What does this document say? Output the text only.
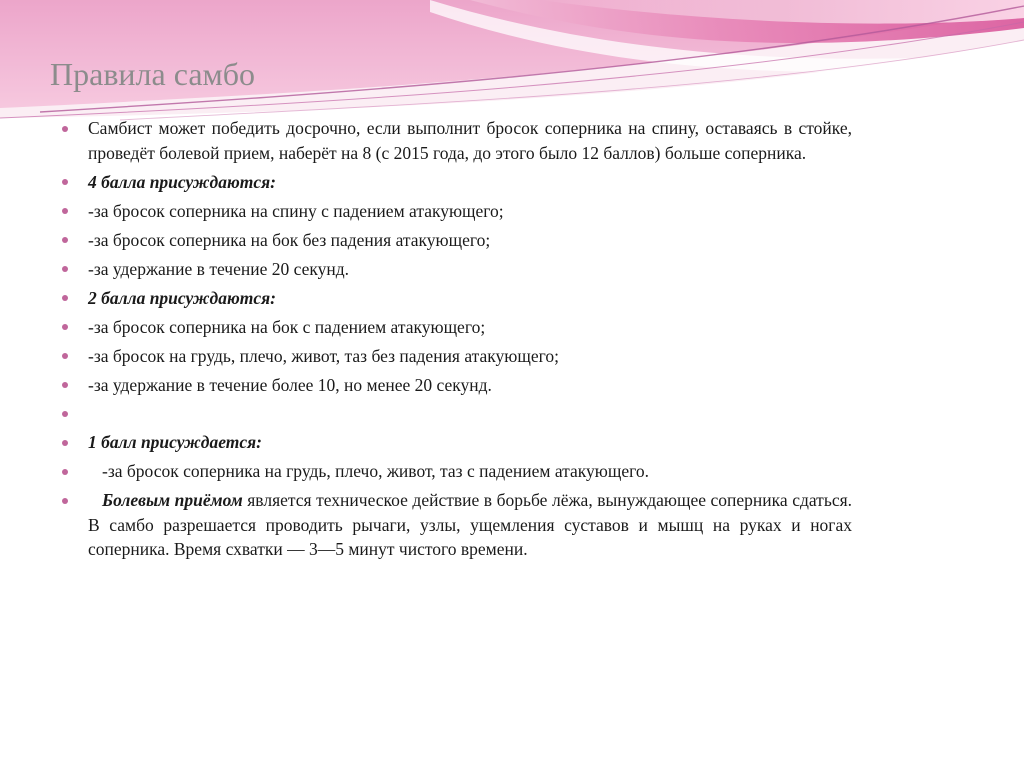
Правила самбо
Самбист может победить досрочно, если выполнит бросок соперника на спину, оставаясь в стойке, проведёт болевой прием, наберёт на 8 (с 2015 года, до этого было 12 баллов) больше соперника.
4 балла присуждаются:
-за бросок соперника на спину с падением атакующего;
-за бросок соперника на бок без падения атакующего;
-за удержание в течение 20 секунд.
2 балла присуждаются:
-за бросок соперника на бок с падением атакующего;
-за бросок на грудь, плечо, живот, таз без падения атакующего;
-за удержание в течение более 10, но менее 20 секунд.
1 балл присуждается:
-за бросок соперника на грудь, плечо, живот, таз с падением атакующего.
Болевым приёмом является техническое действие в борьбе лёжа, вынуждающее соперника сдаться. В самбо разрешается проводить рычаги, узлы, ущемления суставов и мышц на руках и ногах соперника. Время схватки — 3—5 минут чистого времени.
